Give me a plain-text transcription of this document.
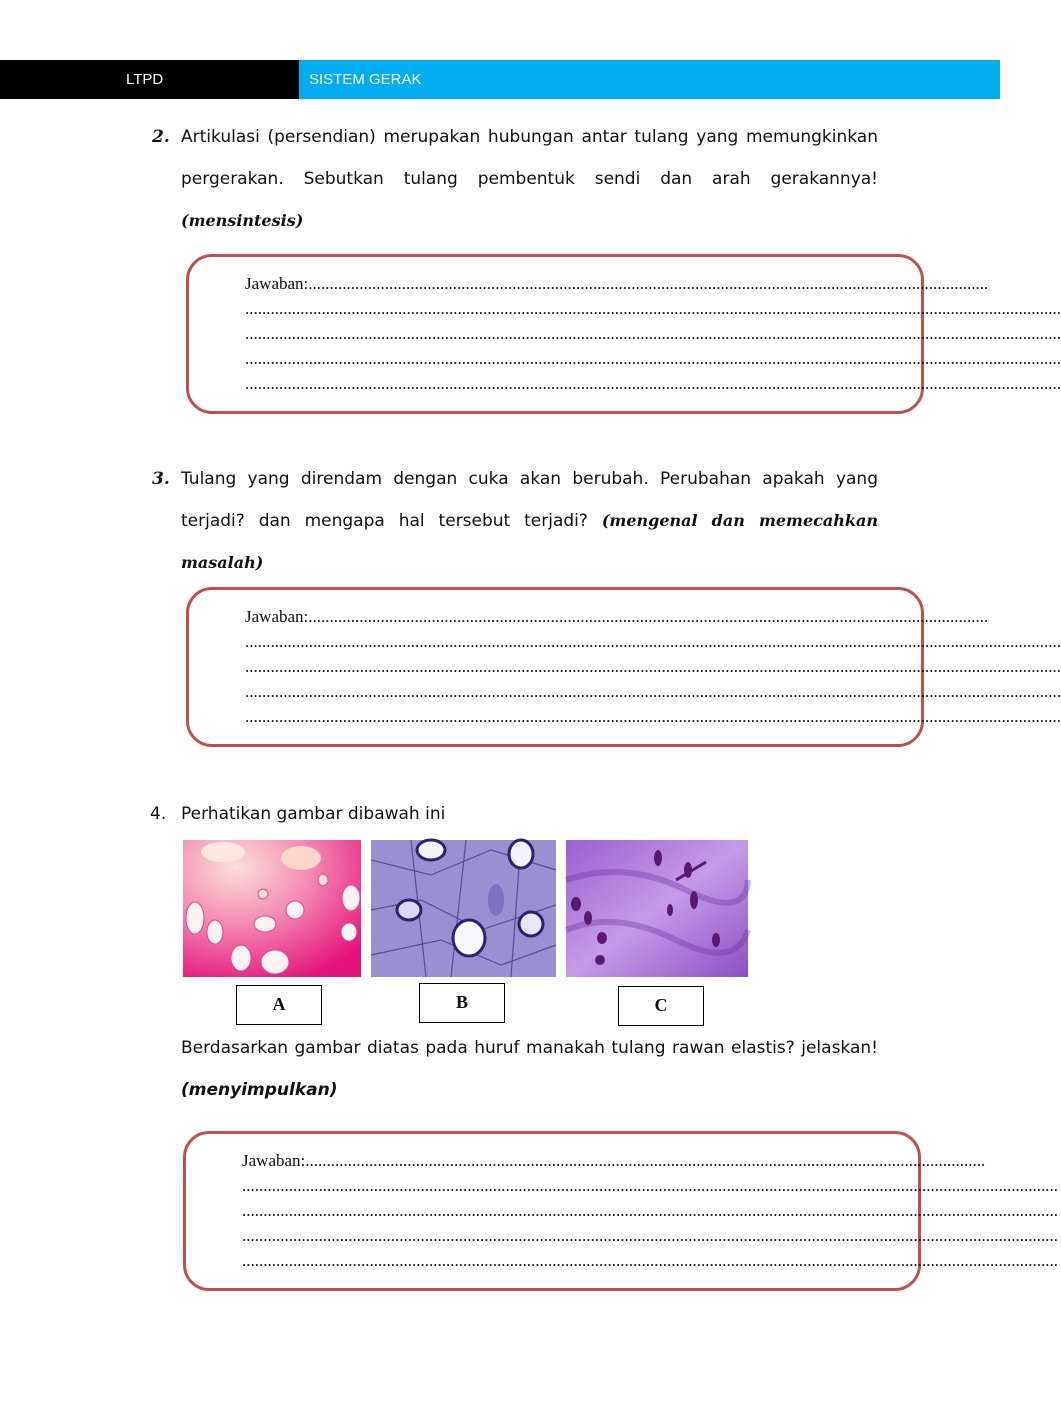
LTPD	SISTEM GERAK
2. Artikulasi (persendian) merupakan hubungan antar tulang yang memungkinkan pergerakan. Sebutkan tulang pembentuk sendi dan arah gerakannya! (mensintesis)
Jawaban:................................................................................................................................................................
................................................................................................................................................................................................
................................................................................................................................................................................................
................................................................................................................................................................................................
................................................................................................................................................................................................
3. Tulang yang direndam dengan cuka akan berubah. Perubahan apakah yang terjadi? dan mengapa hal tersebut terjadi? (mengenal dan memecahkan masalah)
Jawaban:................................................................................................................................................................
................................................................................................................................................................................................
................................................................................................................................................................................................
................................................................................................................................................................................................
................................................................................................................................................................................................
4. Perhatikan gambar dibawah ini
A	B	C
Berdasarkan gambar diatas pada huruf manakah tulang rawan elastis? jelaskan! (menyimpulkan)
Jawaban:................................................................................................................................................................
................................................................................................................................................................................................
................................................................................................................................................................................................
................................................................................................................................................................................................
................................................................................................................................................................................................
